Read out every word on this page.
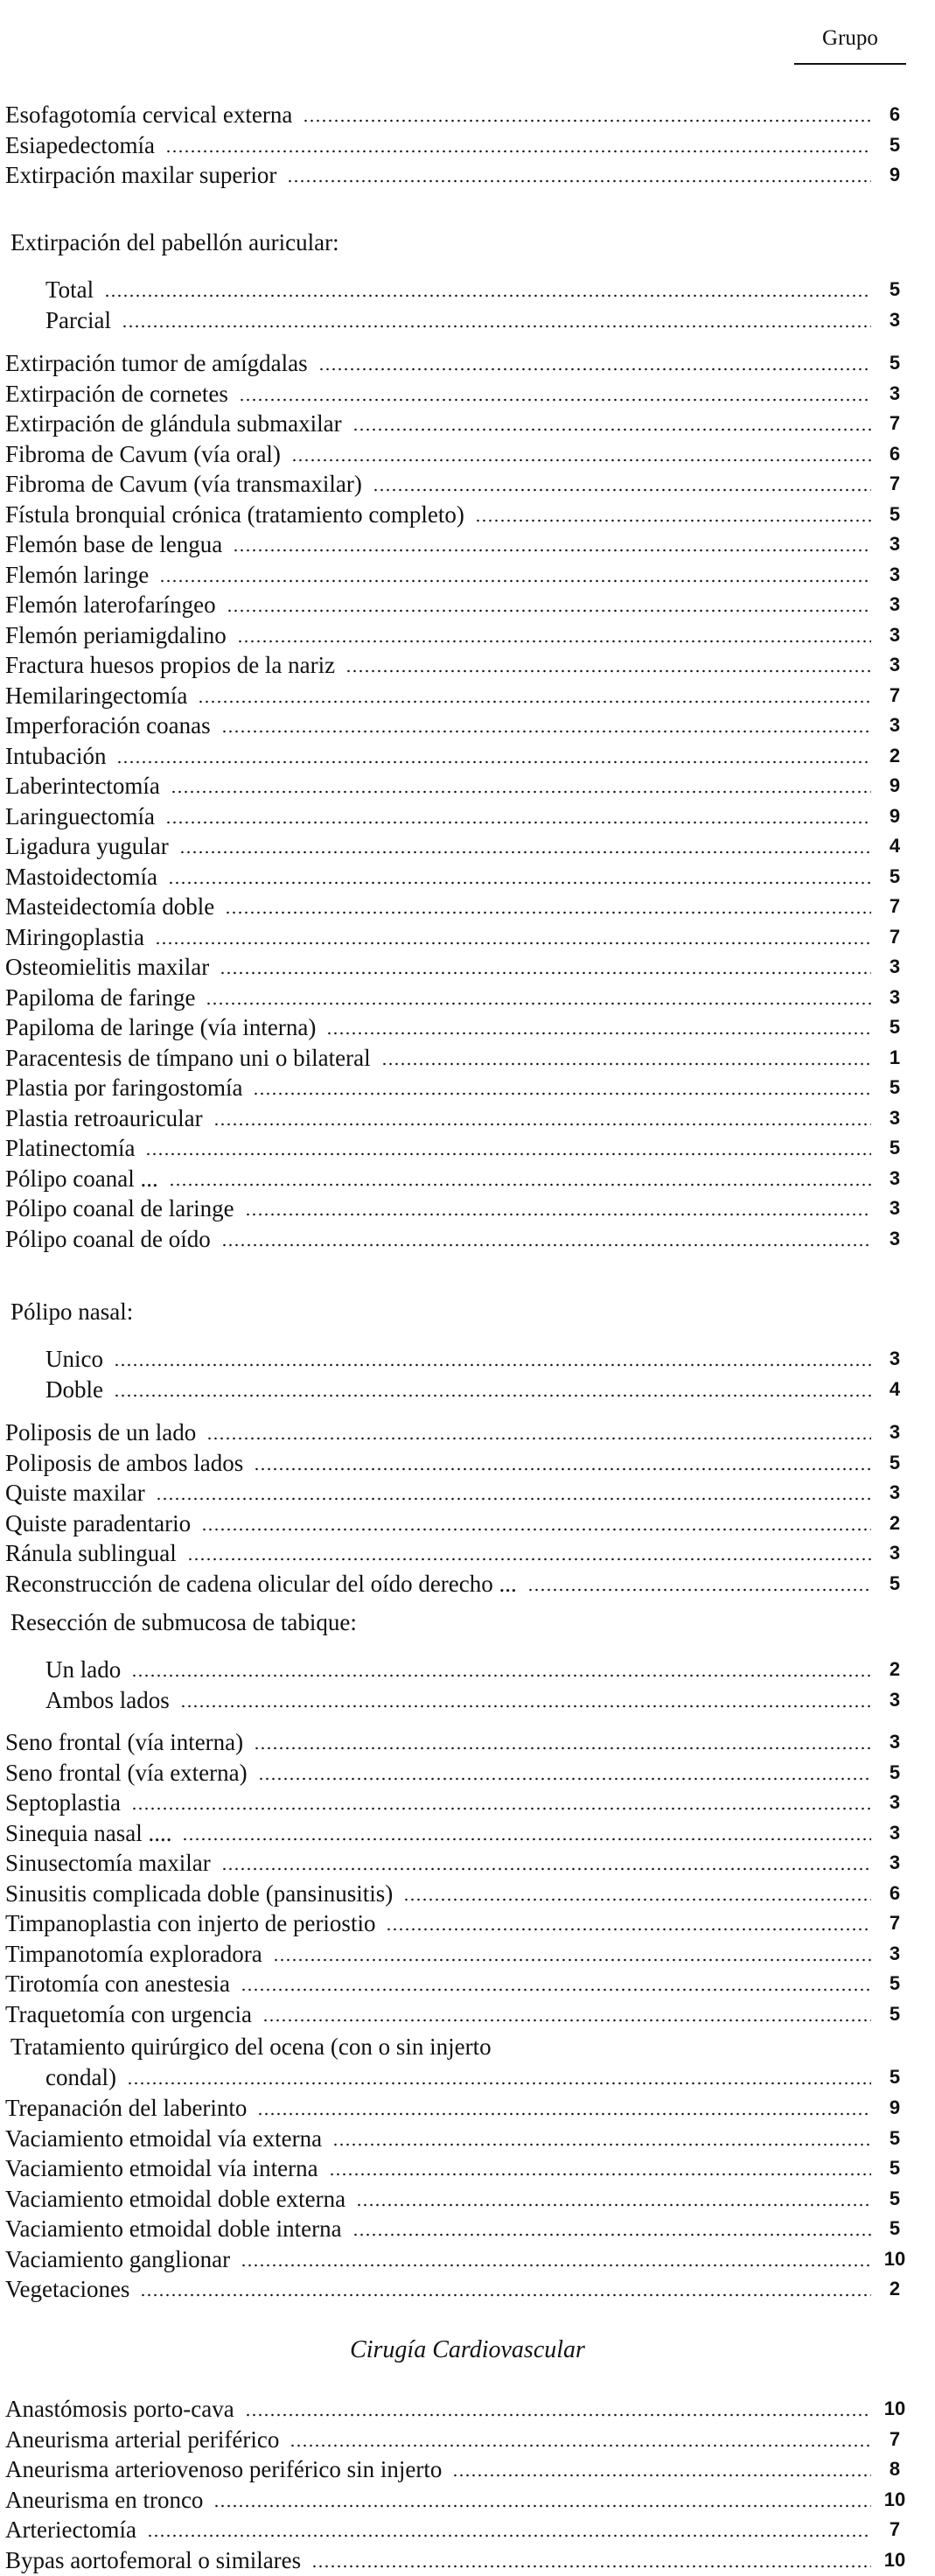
Grupo
Esofagotomía cervical externa	6
Esiapedectomía	5
Extirpación maxilar superior	9
Extirpación del pabellón auricular:
Total	5
Parcial	3
Extirpación tumor de amígdalas	5
Extirpación de cornetes	3
Extirpación de glándula submaxilar	7
Fibroma de Cavum (vía oral)	6
Fibroma de Cavum (vía transmaxilar)	7
Fístula bronquial crónica (tratamiento completo)	5
Flemón base de lengua	3
Flemón laringe	3
Flemón laterofaríngeo	3
Flemón periamigdalino	3
Fractura huesos propios de la nariz	3
Hemilaringectomía	7
Imperforación coanas	3
Intubación	2
Laberintectomía	9
Laringuectomía	9
Ligadura yugular	4
Mastoidectomía	5
Masteidectomía doble	7
Miringoplastia	7
Osteomielitis maxilar	3
Papiloma de faringe	3
Papiloma de laringe (vía interna)	5
Paracentesis de tímpano uni o bilateral	1
Plastia por faringostomía	5
Plastia retroauricular	3
Platinectomía	5
Pólipo coanal ...	3
Pólipo coanal de laringe	3
Pólipo coanal de oído	3
Pólipo nasal:
Unico	3
Doble	4
Poliposis de un lado	3
Poliposis de ambos lados	5
Quiste maxilar	3
Quiste paradentario	2
Ránula sublingual	3
Reconstrucción de cadena olicular del oído derecho ...	5
Resección de submucosa de tabique:
Un lado	2
Ambos lados	3
Seno frontal (vía interna)	3
Seno frontal (vía externa)	5
Septoplastia	3
Sinequia nasal ....	3
Sinusectomía maxilar	3
Sinusitis complicada doble (pansinusitis)	6
Timpanoplastia con injerto de periostio	7
Timpanotomía exploradora	3
Tirotomía con anestesia	5
Traquetomía con urgencia	5
Tratamiento quirúrgico del ocena (con o sin injerto
condal)	5
Trepanación del laberinto	9
Vaciamiento etmoidal vía externa	5
Vaciamiento etmoidal vía interna	5
Vaciamiento etmoidal doble externa	5
Vaciamiento etmoidal doble interna	5
Vaciamiento ganglionar	10
Vegetaciones	2
Cirugía Cardiovascular
Anastómosis porto-cava	10
Aneurisma arterial periférico	7
Aneurisma arteriovenoso periférico sin injerto	8
Aneurisma en tronco	10
Arteriectomía	7
Bypas aortofemoral o similares	10
